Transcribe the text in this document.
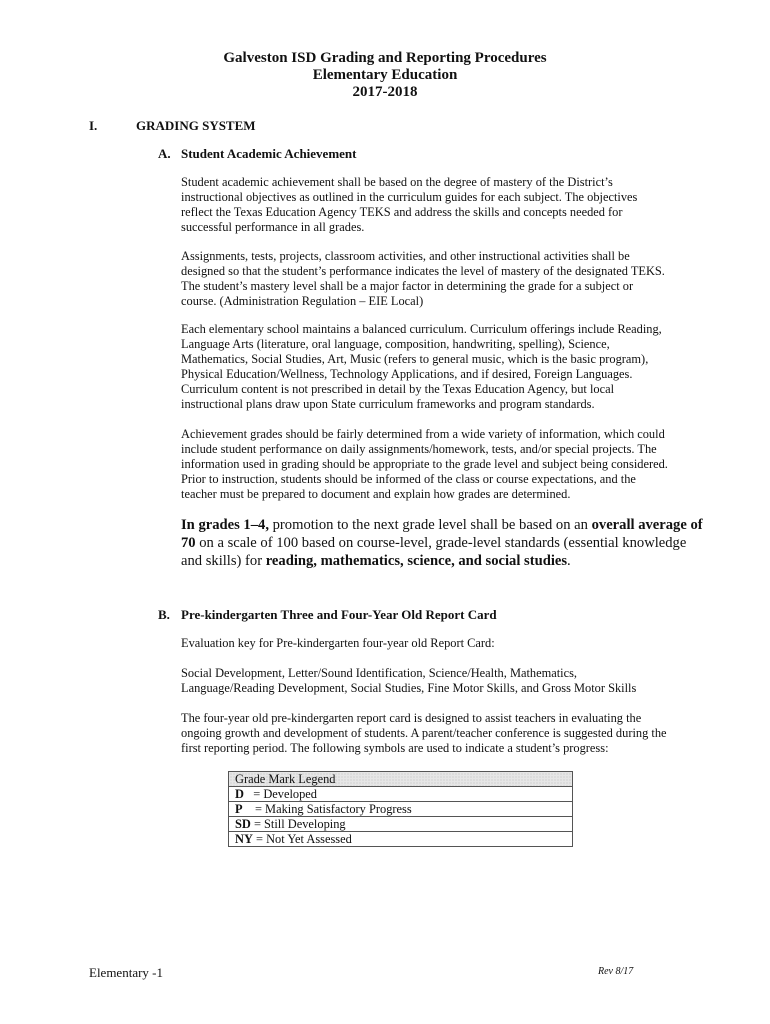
Galveston ISD Grading and Reporting Procedures
Elementary Education
2017-2018
I.	GRADING SYSTEM
A. Student Academic Achievement
Student academic achievement shall be based on the degree of mastery of the District’s
instructional objectives as outlined in the curriculum guides for each subject. The objectives
reflect the Texas Education Agency TEKS and address the skills and concepts needed for
successful performance in all grades.
Assignments, tests, projects, classroom activities, and other instructional activities shall be
designed so that the student’s performance indicates the level of mastery of the designated TEKS.
The student’s mastery level shall be a major factor in determining the grade for a subject or
course. (Administration Regulation – EIE Local)
Each elementary school maintains a balanced curriculum. Curriculum offerings include Reading,
Language Arts (literature, oral language, composition, handwriting, spelling), Science,
Mathematics, Social Studies, Art, Music (refers to general music, which is the basic program),
Physical Education/Wellness, Technology Applications, and if desired, Foreign Languages.
Curriculum content is not prescribed in detail by the Texas Education Agency, but local
instructional plans draw upon State curriculum frameworks and program standards.
Achievement grades should be fairly determined from a wide variety of information, which could
include student performance on daily assignments/homework, tests, and/or special projects. The
information used in grading should be appropriate to the grade level and subject being considered.
Prior to instruction, students should be informed of the class or course expectations, and the
teacher must be prepared to document and explain how grades are determined.
In grades 1–4, promotion to the next grade level shall be based on an overall average of
70 on a scale of 100 based on course-level, grade-level standards (essential knowledge
and skills) for reading, mathematics, science, and social studies.
B. Pre-kindergarten Three and Four-Year Old Report Card
Evaluation key for Pre-kindergarten four-year old Report Card:
Social Development, Letter/Sound Identification, Science/Health, Mathematics,
Language/Reading Development, Social Studies, Fine Motor Skills, and Gross Motor Skills
The four-year old pre-kindergarten report card is designed to assist teachers in evaluating the
ongoing growth and development of students. A parent/teacher conference is suggested during the
first reporting period. The following symbols are used to indicate a student’s progress:
Grade Mark Legend
D   = Developed
P    = Making Satisfactory Progress
SD = Still Developing
NY = Not Yet Assessed
Elementary -1	Rev 8/17
